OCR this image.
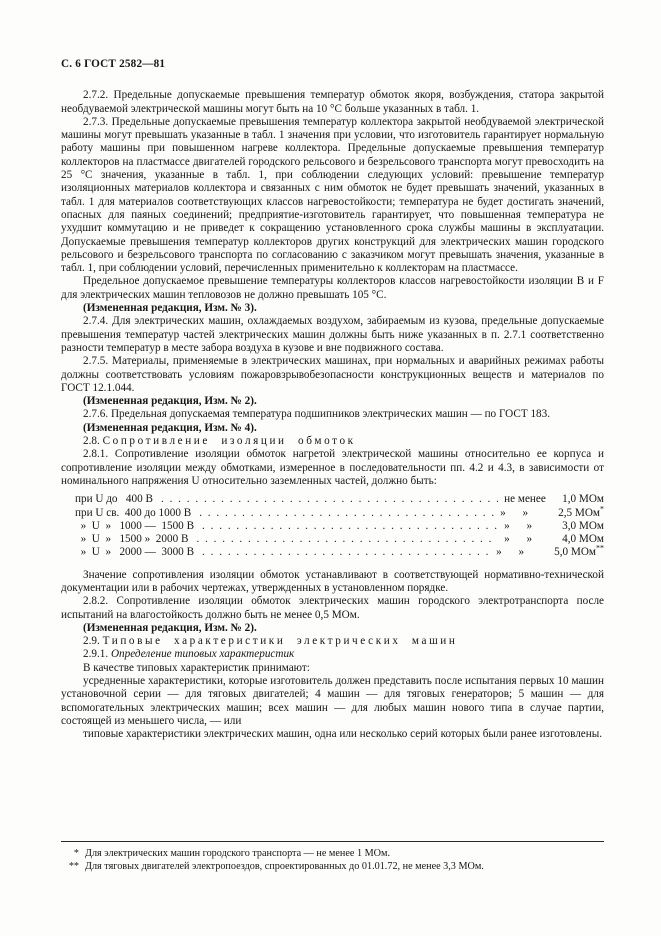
С. 6 ГОСТ 2582—81

2.7.2. Предельные допускаемые превышения температур обмоток якоря, возбуждения, статора закрытой необдуваемой электрической машины могут быть на 10 °С больше указанных в табл. 1.

2.7.3. Предельные допускаемые превышения температур коллектора закрытой необдуваемой электрической машины могут превышать указанные в табл. 1 значения при условии, что изготовитель гарантирует нормальную работу машины при повышенном нагреве коллектора. Предельные допускаемые превышения температур коллекторов на пластмассе двигателей городского рельсового и безрельсового транспорта могут превосходить на 25 °С значения, указанные в табл. 1, при соблюдении следующих условий: превышение температур изоляционных материалов коллектора и связанных с ним обмоток не будет превышать значений, указанных в табл. 1 для материалов соответствующих классов нагревостойкости; температура не будет достигать значений, опасных для паяных соединений; предприятие-изготовитель гарантирует, что повышенная температура не ухудшит коммутацию и не приведет к сокращению установленного срока службы машины в эксплуатации. Допускаемые превышения температур коллекторов других конструкций для электрических машин городского рельсового и безрельсового транспорта по согласованию с заказчиком могут превышать значения, указанные в табл. 1, при соблюдении условий, перечисленных применительно к коллекторам на пластмассе.

Предельное допускаемое превышение температуры коллекторов классов нагревостойкости изоляции В и F для электрических машин тепловозов не должно превышать 105 °С.

(Измененная редакция, Изм. № 3).

2.7.4. Для электрических машин, охлаждаемых воздухом, забираемым из кузова, предельные допускаемые превышения температур частей электрических машин должны быть ниже указанных в п. 2.7.1 соответственно разности температур в месте забора воздуха в кузове и вне подвижного состава.

2.7.5. Материалы, применяемые в электрических машинах, при нормальных и аварийных режимах работы должны соответствовать условиям пожаровзрывобезопасности конструкционных веществ и материалов по ГОСТ 12.1.044.

(Измененная редакция, Изм. № 2).

2.7.6. Предельная допускаемая температура подшипников электрических машин — по ГОСТ 183.

(Измененная редакция, Изм. № 4).

2.8. Сопротивление изоляции обмоток

2.8.1. Сопротивление изоляции обмоток нагретой электрической машины относительно ее корпуса и сопротивление изоляции между обмотками, измеренное в последовательности пп. 4.2 и 4.3, в зависимости от номинального напряжения U относительно заземленных частей, должно быть:

при U до   400 В . . .	не менее	1,0 МОм
при U св.  400 до 1000 В . . .	»      »	2,5 МОм*
»  U  »   1000 —  1500 В . . .	»      »	3,0 МОм
»  U  »   1500 »  2000 В . . .	»      »	4,0 МОм
»  U  »   2000 —  3000 В . . .	»      »	5,0 МОм**

Значение сопротивления изоляции обмоток устанавливают в соответствующей нормативно-технической документации или в рабочих чертежах, утвержденных в установленном порядке.

2.8.2. Сопротивление изоляции обмоток электрических машин городского электротранспорта после испытаний на влагостойкость должно быть не менее 0,5 МОм.

(Измененная редакция, Изм. № 2).

2.9. Типовые характеристики электрических машин

2.9.1. Определение типовых характеристик

В качестве типовых характеристик принимают:

усредненные характеристики, которые изготовитель должен представить после испытания первых 10 машин установочной серии — для тяговых двигателей; 4 машин — для тяговых генераторов; 5 машин — для вспомогательных электрических машин; всех машин — для любых машин нового типа в случае партии, состоящей из меньшего числа, — или

типовые характеристики электрических машин, одна или несколько серий которых были ранее изготовлены.

* Для электрических машин городского транспорта — не менее 1 МОм.

** Для тяговых двигателей электропоездов, спроектированных до 01.01.72, не менее 3,3 МОм.
